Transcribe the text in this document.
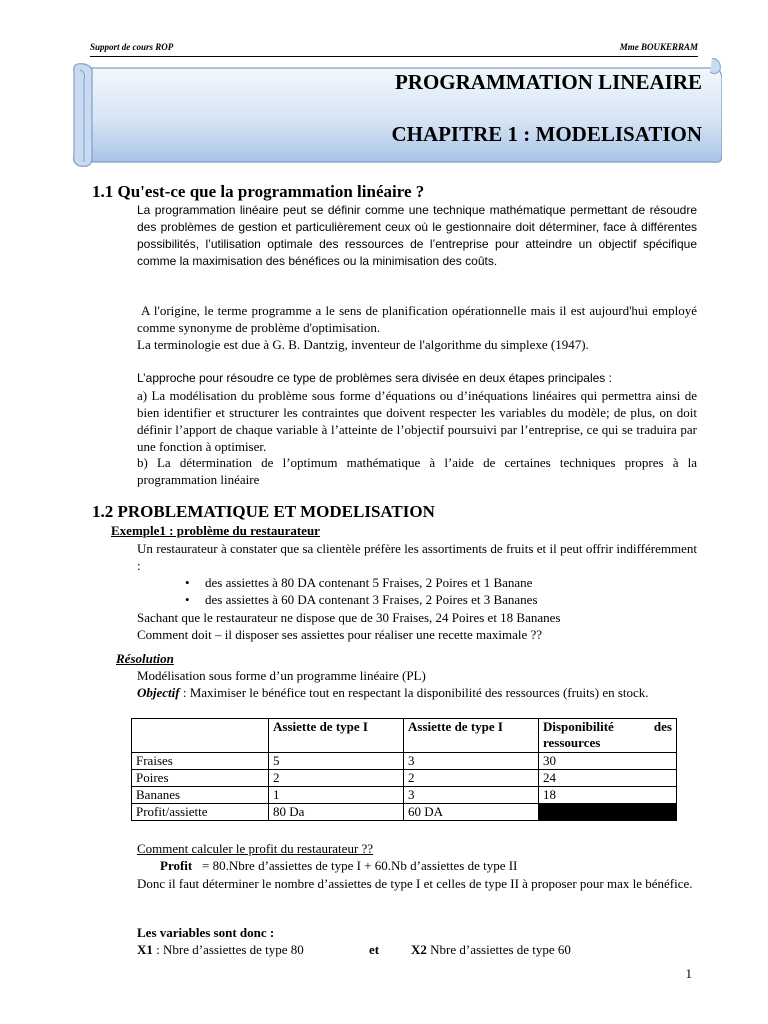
Support de cours ROP	Mme BOUKERRAM
PROGRAMMATION LINEAIRE
CHAPITRE 1 : MODELISATION
1.1 Qu'est-ce que la programmation linéaire ?
La programmation linéaire peut se définir comme une technique mathématique permettant de résoudre des problèmes de gestion et particulièrement ceux où le gestionnaire doit déterminer, face à différentes possibilités, l’utilisation optimale des ressources de l’entreprise pour atteindre un objectif spécifique comme la maximisation des bénéfices ou la minimisation des coûts.
A l'origine, le terme programme a le sens de planification opérationnelle mais il est aujourd'hui employé comme synonyme de problème d'optimisation.
La terminologie est due à G. B. Dantzig, inventeur de l'algorithme du simplexe (1947).
L’approche pour résoudre ce type de problèmes sera divisée en deux étapes principales :
a) La modélisation du problème sous forme d’équations ou d’inéquations linéaires qui permettra ainsi de bien identifier et structurer les contraintes que doivent respecter les variables du modèle; de plus, on doit définir l’apport de chaque variable à l’atteinte de l’objectif poursuivi par l’entreprise, ce qui se traduira par une fonction à optimiser.
b) La détermination de l’optimum mathématique à l’aide de certaines techniques propres à la programmation linéaire
1.2 PROBLEMATIQUE ET MODELISATION
Exemple1 : problème du restaurateur
Un restaurateur à constater que sa clientèle préfère les assortiments de fruits et il peut offrir indifféremment :
• des assiettes à 80 DA contenant 5 Fraises, 2 Poires et 1 Banane
• des assiettes à 60 DA contenant 3 Fraises, 2 Poires et 3 Bananes
Sachant que le restaurateur ne dispose que de 30 Fraises, 24 Poires et 18 Bananes
Comment doit – il disposer ses assiettes pour réaliser une recette maximale ??
Résolution
Modélisation sous forme d’un programme linéaire (PL)
Objectif : Maximiser le bénéfice tout en respectant la disponibilité des ressources (fruits) en stock.
	Assiette de type I	Assiette de type I	Disponibilité des ressources
Fraises	5	3	30
Poires	2	2	24
Bananes	1	3	18
Profit/assiette	80 Da	60 DA	
Comment calculer le profit du restaurateur ??
Profit = 80.Nbre d’assiettes de type I + 60.Nb d’assiettes de type II
Donc il faut déterminer le nombre d’assiettes de type I et celles de type II à proposer pour max le bénéfice.
Les variables sont donc :
X1 : Nbre d’assiettes de type 80	et X2 Nbre d’assiettes de type 60
1
